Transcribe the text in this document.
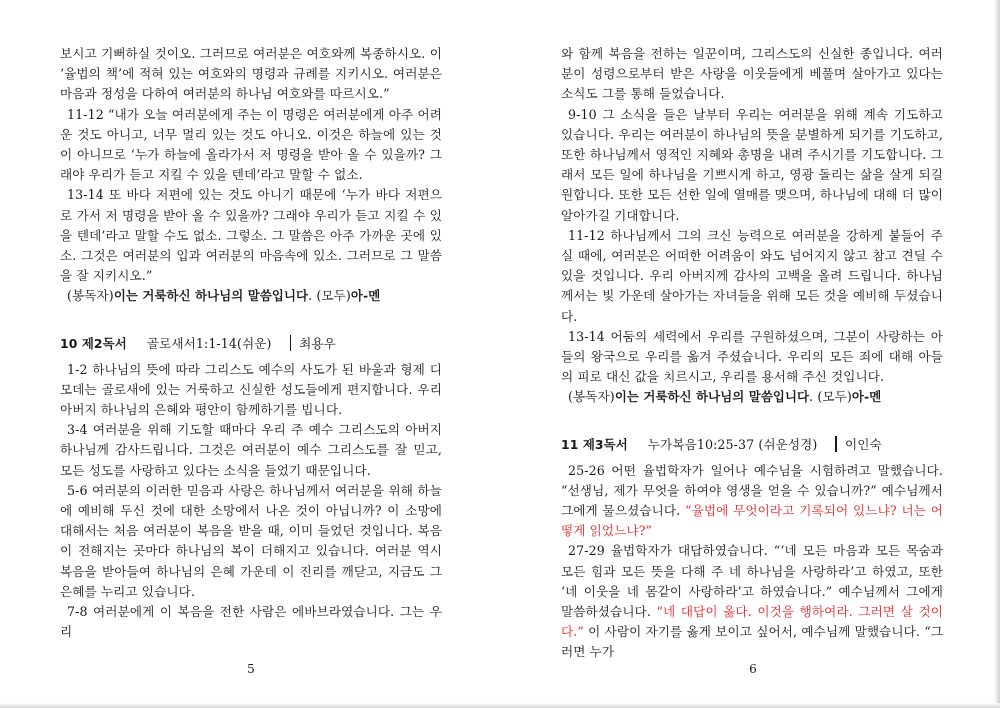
보시고 기뻐하실 것이오. 그러므로 여러분은 여호와께 복종하시오. 이 ‘율법의 책’에 적혀 있는 여호와의 명령과 규례를 지키시오. 여러분은 마음과 정성을 다하여 여러분의 하나님 여호와를 따르시오.”

11-12 “내가 오늘 여러분에게 주는 이 명령은 여러분에게 아주 어려운 것도 아니고, 너무 멀리 있는 것도 아니오. 이것은 하늘에 있는 것이 아니므로 ‘누가 하늘에 올라가서 저 명령을 받아 올 수 있을까? 그래야 우리가 듣고 지킬 수 있을 텐데’라고 말할 수 없소.

13-14 또 바다 저편에 있는 것도 아니기 때문에 ‘누가 바다 저편으로 가서 저 명령을 받아 올 수 있을까? 그래야 우리가 듣고 지킬 수 있을 텐데’라고 말할 수도 없소. 그렇소. 그 말씀은 아주 가까운 곳에 있소. 그것은 여러분의 입과 여러분의 마음속에 있소. 그러므로 그 말씀을 잘 지키시오.”

(봉독자)이는 거룩하신 하나님의 말씀입니다. (모두)아-멘

10 제2독서 골로새서1:1-14(쉬운) 최용우

1-2 하나님의 뜻에 따라 그리스도 예수의 사도가 된 바울과 형제 디모데는 골로새에 있는 거룩하고 신실한 성도들에게 편지합니다. 우리 아버지 하나님의 은혜와 평안이 함께하기를 빕니다.

3-4 여러분을 위해 기도할 때마다 우리 주 예수 그리스도의 아버지 하나님께 감사드립니다. 그것은 여러분이 예수 그리스도를 잘 믿고, 모든 성도를 사랑하고 있다는 소식을 들었기 때문입니다.

5-6 여러분의 이러한 믿음과 사랑은 하나님께서 여러분을 위해 하늘에 예비해 두신 것에 대한 소망에서 나온 것이 아닙니까? 이 소망에 대해서는 처음 여러분이 복음을 받을 때, 이미 들었던 것입니다. 복음이 전해지는 곳마다 하나님의 복이 더해지고 있습니다. 여러분 역시 복음을 받아들여 하나님의 은혜 가운데 이 진리를 깨닫고, 지금도 그 은혜를 누리고 있습니다.

7-8 여러분에게 이 복음을 전한 사람은 에바브라였습니다. 그는 우리

5

와 함께 복음을 전하는 일꾼이며, 그리스도의 신실한 종입니다. 여러분이 성령으로부터 받은 사랑을 이웃들에게 베풀며 살아가고 있다는 소식도 그를 통해 들었습니다.

9-10 그 소식을 들은 날부터 우리는 여러분을 위해 계속 기도하고 있습니다. 우리는 여러분이 하나님의 뜻을 분별하게 되기를 기도하고, 또한 하나님께서 영적인 지혜와 총명을 내려 주시기를 기도합니다. 그래서 모든 일에 하나님을 기쁘시게 하고, 영광 돌리는 삶을 살게 되길 원합니다. 또한 모든 선한 일에 열매를 맺으며, 하나님에 대해 더 많이 알아가길 기대합니다.

11-12 하나님께서 그의 크신 능력으로 여러분을 강하게 붙들어 주실 때에, 여러분은 어떠한 어려움이 와도 넘어지지 않고 참고 견딜 수 있을 것입니다. 우리 아버지께 감사의 고백을 올려 드립니다. 하나님께서는 빛 가운데 살아가는 자녀들을 위해 모든 것을 예비해 두셨습니다.

13-14 어둠의 세력에서 우리를 구원하셨으며, 그분이 사랑하는 아들의 왕국으로 우리를 옮겨 주셨습니다. 우리의 모든 죄에 대해 아들의 피로 대신 값을 치르시고, 우리를 용서해 주신 것입니다.

(봉독자)이는 거룩하신 하나님의 말씀입니다. (모두)아-멘

11 제3독서 누가복음10:25-37 (쉬운성경) 이인숙

25-26 어떤 율법학자가 일어나 예수님을 시험하려고 말했습니다. “선생님, 제가 무엇을 하여야 영생을 얻을 수 있습니까?” 예수님께서 그에게 물으셨습니다. “율법에 무엇이라고 기록되어 있느냐? 너는 어떻게 읽었느냐?”

27-29 율법학자가 대답하였습니다. “‘네 모든 마음과 모든 목숨과 모든 힘과 모든 뜻을 다해 주 네 하나님을 사랑하라’고 하였고, 또한 ‘네 이웃을 네 몸같이 사랑하라’고 하였습니다.” 예수님께서 그에게 말씀하셨습니다. “네 대답이 옳다. 이것을 행하여라. 그러면 살 것이다.” 이 사람이 자기를 옳게 보이고 싶어서, 예수님께 말했습니다. “그러면 누가

6
